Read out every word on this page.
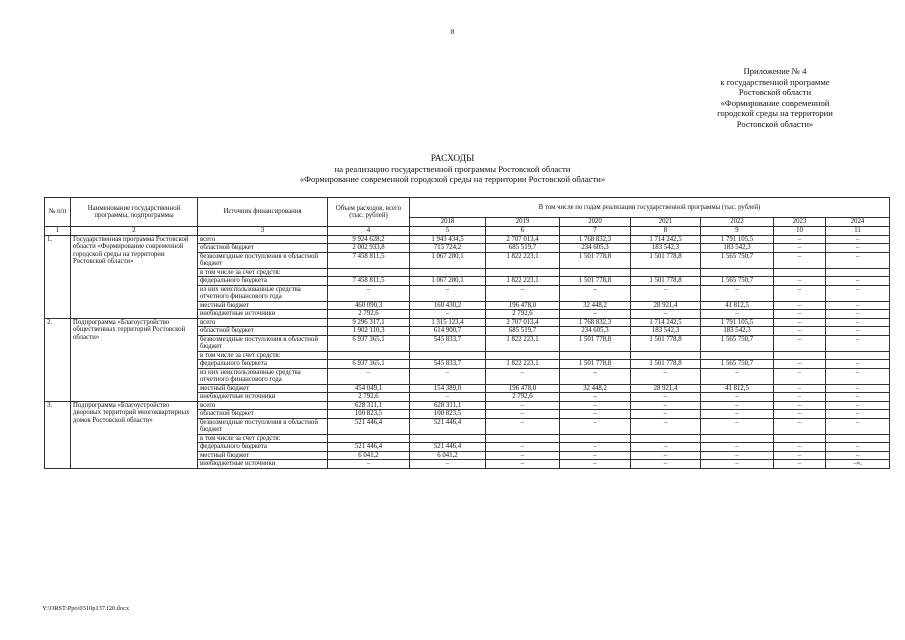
8
Приложение № 4
к государственной программе
Ростовской области
«Формирование современной
городской среды на территории
Ростовской области»
РАСХОДЫ
на реализацию государственной программы Ростовской области
«Формирование современной городской среды на территории Ростовской области»
№ п/п	Наименование государственной программы, подпрограммы	Источник финансирования	Объем расходов, всего (тыс. рублей)	В том числе по годам реализации государственной программы (тыс. рублей)						
				2018	2019	2020	2021	2022	2023	2024
1	2	3	4	5	6	7	8	9	10	11
1.	Государственная программа Ростовской области «Формирование современной городской среды на территории Ростовской области»	всего	9 924 628,2	1 943 434,5	2 707 013,4	1 768 832,3	1 714 242,5	1 791 105,5	–	–
		областной бюджет	2 002 933,8	715 724,2	685 519,7	234 605,3	183 542,3	183 542,3	–	–
		безвозмездные поступления в областной бюджет	7 458 811,5	1 067 280,1	1 822 223,1	1 501 778,8	1 501 778,8	1 565 750,7	–	–
		в том числе за счет средств:								
		федерального бюджета	7 458 811,5	1 067 280,1	1 822 223,1	1 501 778,8	1 501 778,8	1 565 750,7	–	–
		из них неиспользованные средства отчетного финансового года	–	–	–	–	–	–	–	–
		местный бюджет	460 090,3	160 430,2	196 478,0	32 448,2	28 921,4	41 812,5	–	–
		внебюджетные источники	2 792,6	–	2 792,6	–	–	–	–	–
2.	Подпрограмма «Благоустройство общественных территорий Ростовской области»	всего	9 296 317,1	1 315 123,4	2 707 013,4	1 768 832,3	1 714 242,5	1 791 105,5	–	–
		областной бюджет	1 902 110,3	614 900,7	685 519,7	234 605,3	183 542,3	183 542,3	–	–
		безвозмездные поступления в областной бюджет	6 937 365,1	545 833,7	1 822 223,1	1 501 778,8	1 501 778,8	1 565 750,7	–	–
		в том числе за счет средств:								
		федерального бюджета	6 937 365,1	545 833,7	1 822 223,1	1 501 778,8	1 501 778,8	1 565 750,7	–	–
		из них неиспользованные средства отчетного финансового года	–	–	–	–	–	–	–	–
		местный бюджет	454 049,1	154 389,0	196 478,0	32 448,2	28 921,4	41 812,5	–	–
		внебюджетные источники	2 792,6	–	2 792,6	–	–	–	–	–
3.	Подпрограмма «Благоустройство дворовых территорий многоквартирных домов Ростовской области»	всего	628 311,1	628 311,1	–	–	–	–	–	–
		областной бюджет	100 823,5	100 823,5	–	–	–	–	–	–
		безвозмездные поступления в областной бюджет	521 446,4	521 446,4	–	–	–	–	–	–
		в том числе за счет средств:								
		федерального бюджета	521 446,4	521 446,4	–	–	–	–	–	–
		местный бюджет	6 041,2	6 041,2	–	–	–	–	–	–
		внебюджетные источники	–	–	–	–	–	–	–	–».
Y:\ORST\Ppo\0310p137.f20.docx
